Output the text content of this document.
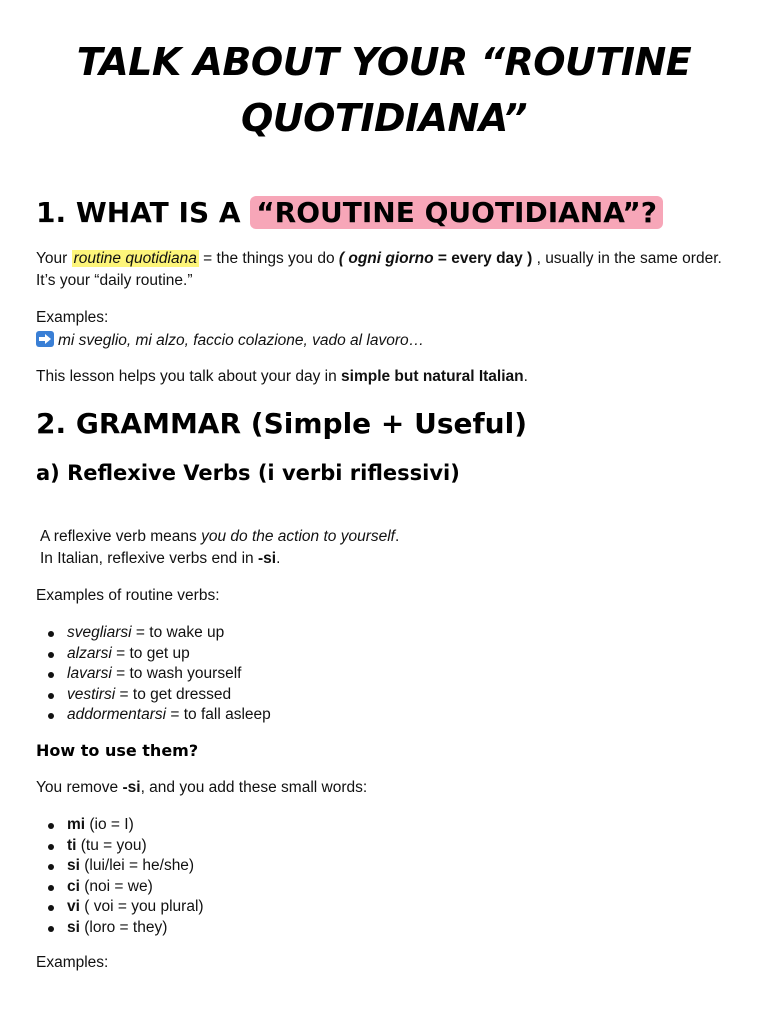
TALK ABOUT YOUR “ROUTINE QUOTIDIANA”
1. WHAT IS A “ROUTINE QUOTIDIANA”?

Your routine quotidiana = the things you do ( ogni giorno = every day ) , usually in the same order. It’s your “daily routine.”

Examples:

mi sveglio, mi alzo, faccio colazione, vado al lavoro…

This lesson helps you talk about your day in simple but natural Italian.

2. GRAMMAR (Simple + Useful)
a) Reflexive Verbs (i verbi riflessivi)

A reflexive verb means you do the action to yourself.

In Italian, reflexive verbs end in -si.

Examples of routine verbs:

svegliarsi = to wake up
alzarsi = to get up
lavarsi = to wash yourself
vestirsi = to get dressed
addormentarsi = to fall asleep
How to use them?

You remove -si, and you add these small words:

mi (io = I)
ti (tu = you)
si (lui/lei = he/she)
ci (noi = we)
vi ( voi = you plural)
si (loro = they)

Examples:
